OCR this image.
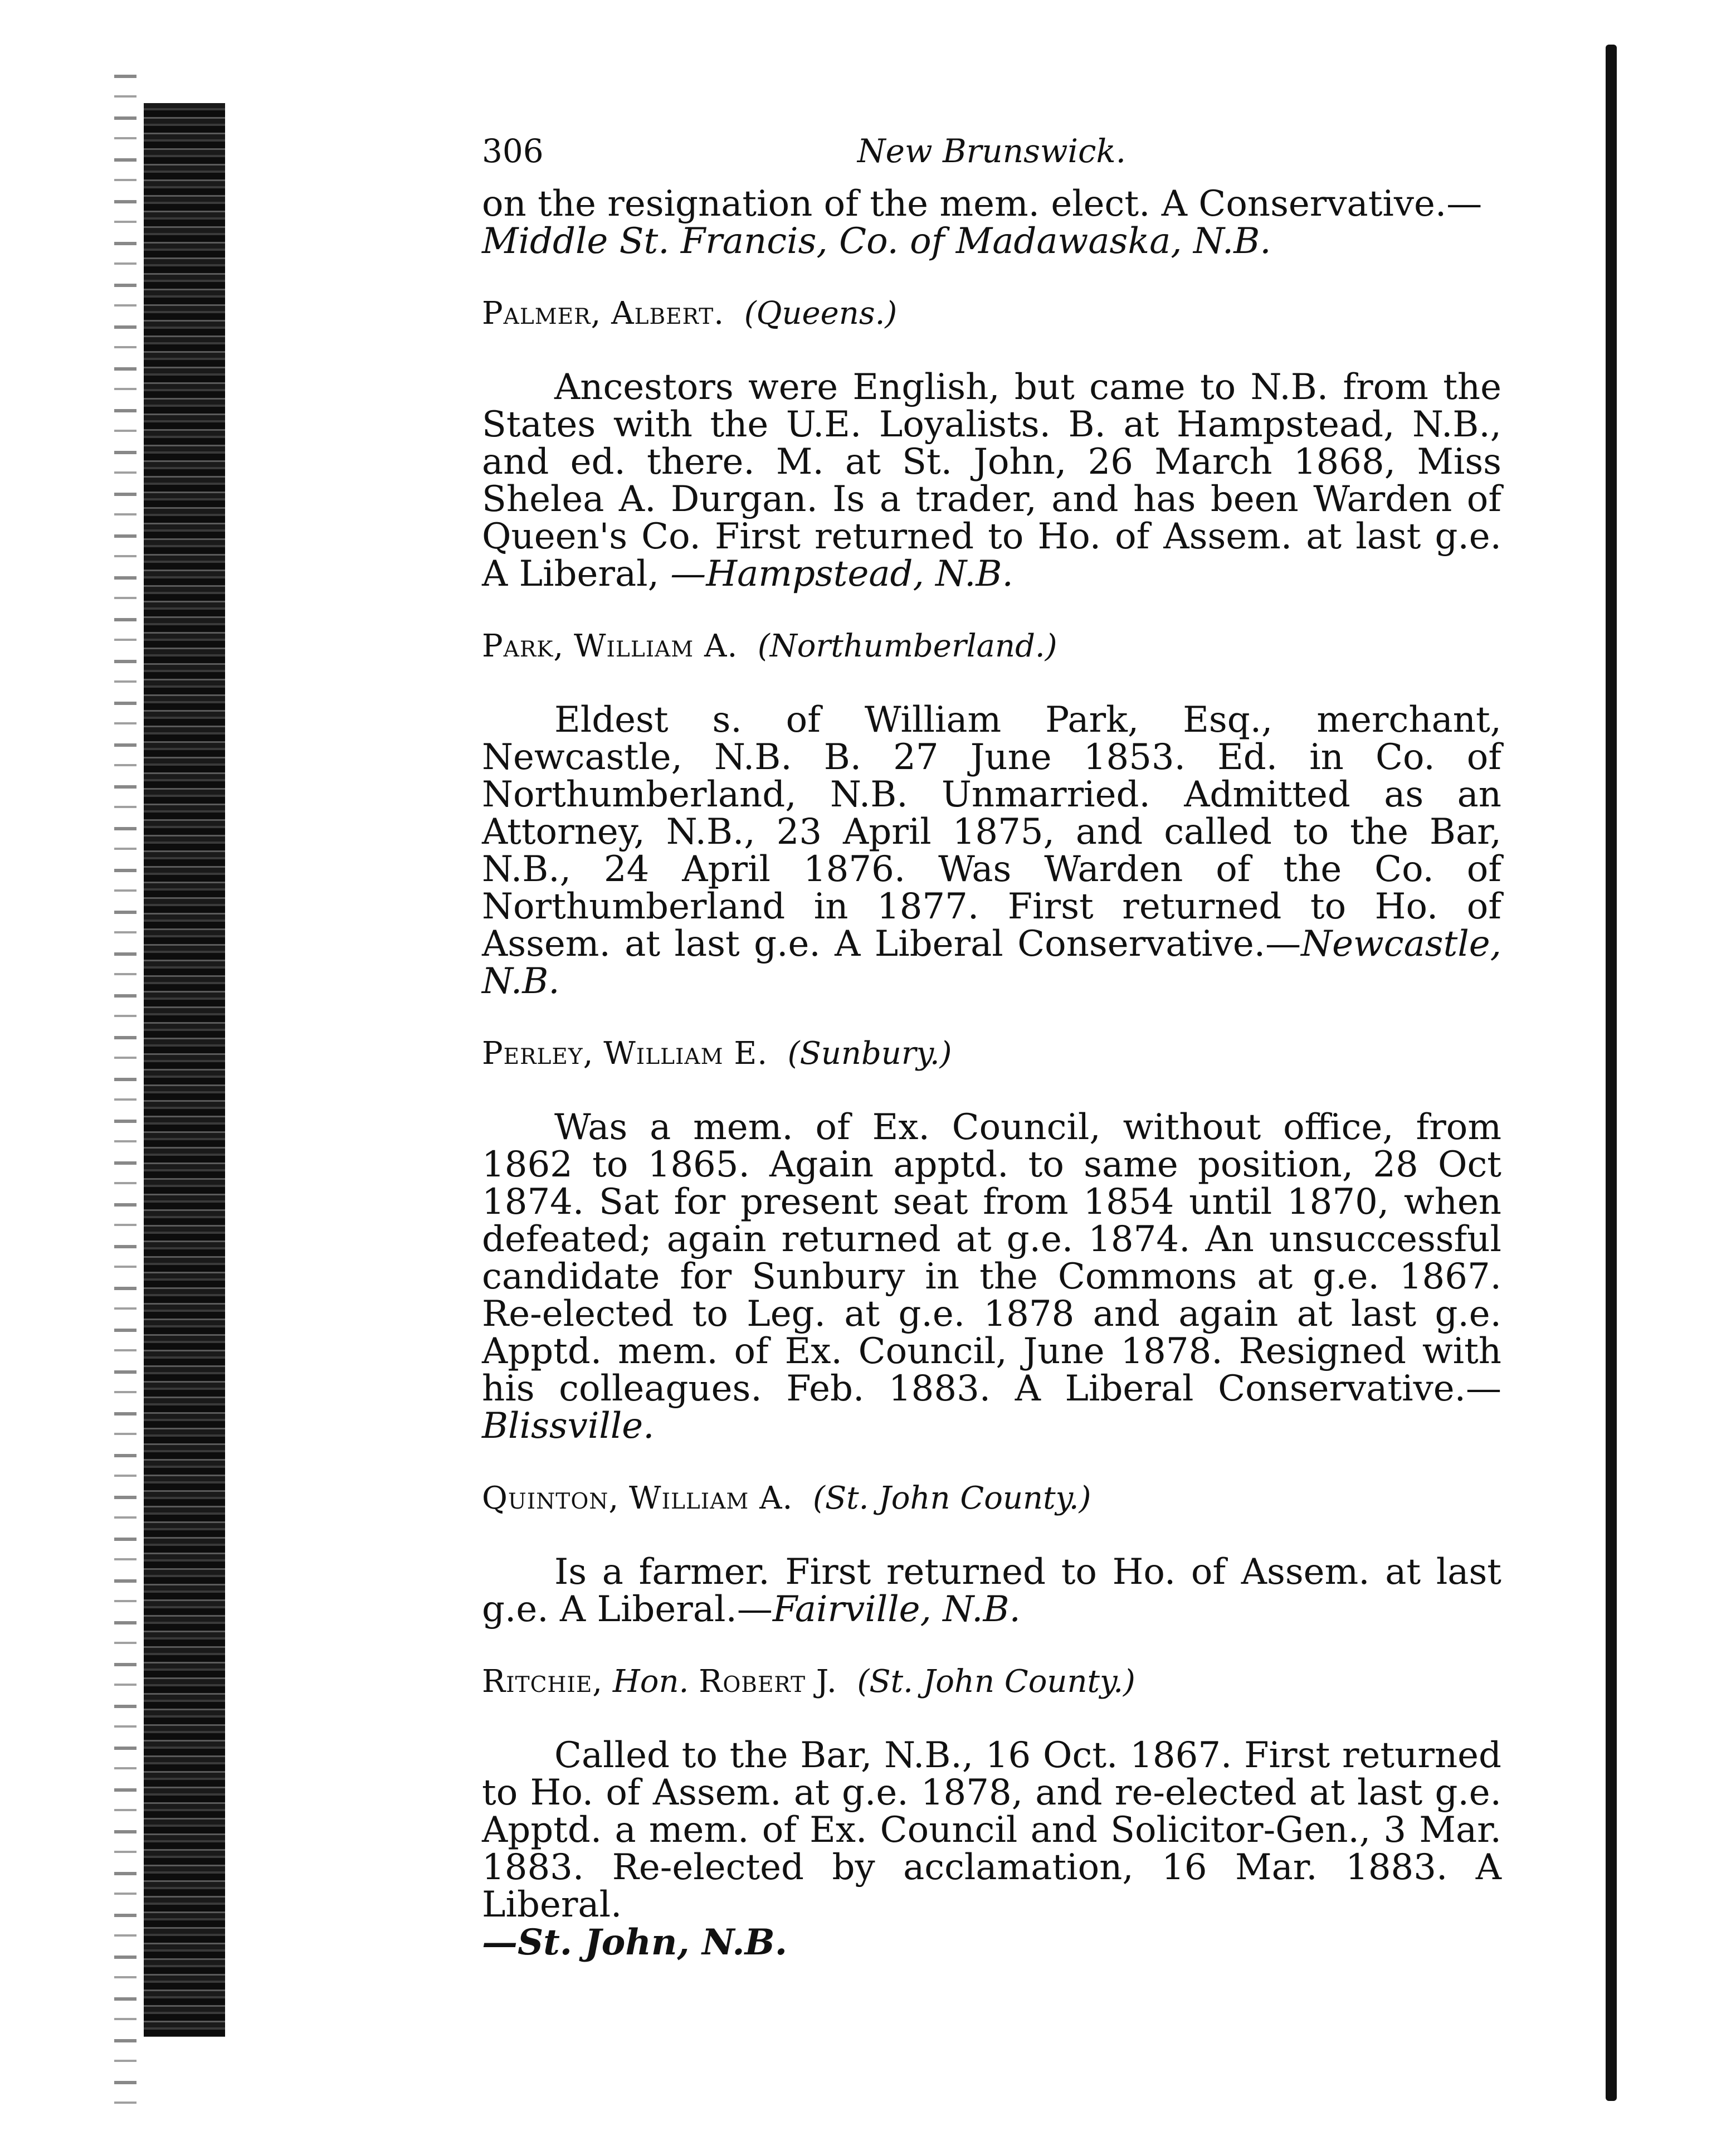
306	New Brunswick.

on the resignation of the mem. elect. A Conservative.—
Middle St. Francis, Co. of Madawaska, N.B.

Palmer, Albert. (Queens.)

Ancestors were English, but came to N.B. from the States with the U.E. Loyalists. B. at Hampstead, N.B., and ed. there. M. at St. John, 26 March 1868, Miss Shelea A. Durgan. Is a trader, and has been Warden of Queen's Co. First returned to Ho. of Assem. at last g.e. A Liberal, —Hampstead, N.B.

Park, William A. (Northumberland.)

Eldest s. of William Park, Esq., merchant, Newcastle, N.B. B. 27 June 1853. Ed. in Co. of Northumberland, N.B. Unmarried. Admitted as an Attorney, N.B., 23 April 1875, and called to the Bar, N.B., 24 April 1876. Was Warden of the Co. of Northumberland in 1877. First returned to Ho. of Assem. at last g.e. A Liberal Conservative.—Newcastle, N.B.

Perley, William E. (Sunbury.)

Was a mem. of Ex. Council, without office, from 1862 to 1865. Again apptd. to same position, 28 Oct 1874. Sat for present seat from 1854 until 1870, when defeated; again returned at g.e. 1874. An unsuccessful candidate for Sunbury in the Commons at g.e. 1867. Re-elected to Leg. at g.e. 1878 and again at last g.e. Apptd. mem. of Ex. Council, June 1878. Resigned with his colleagues. Feb. 1883. A Liberal Conservative.—Blissville.

Quinton, William A. (St. John County.)

Is a farmer. First returned to Ho. of Assem. at last g.e. A Liberal.—Fairville, N.B.

Ritchie, Hon. Robert J. (St. John County.)

Called to the Bar, N.B., 16 Oct. 1867. First returned to Ho. of Assem. at g.e. 1878, and re-elected at last g.e. Apptd. a mem. of Ex. Council and Solicitor-Gen., 3 Mar. 1883. Re-elected by acclamation, 16 Mar. 1883. A Liberal.
—St. John, N.B.
